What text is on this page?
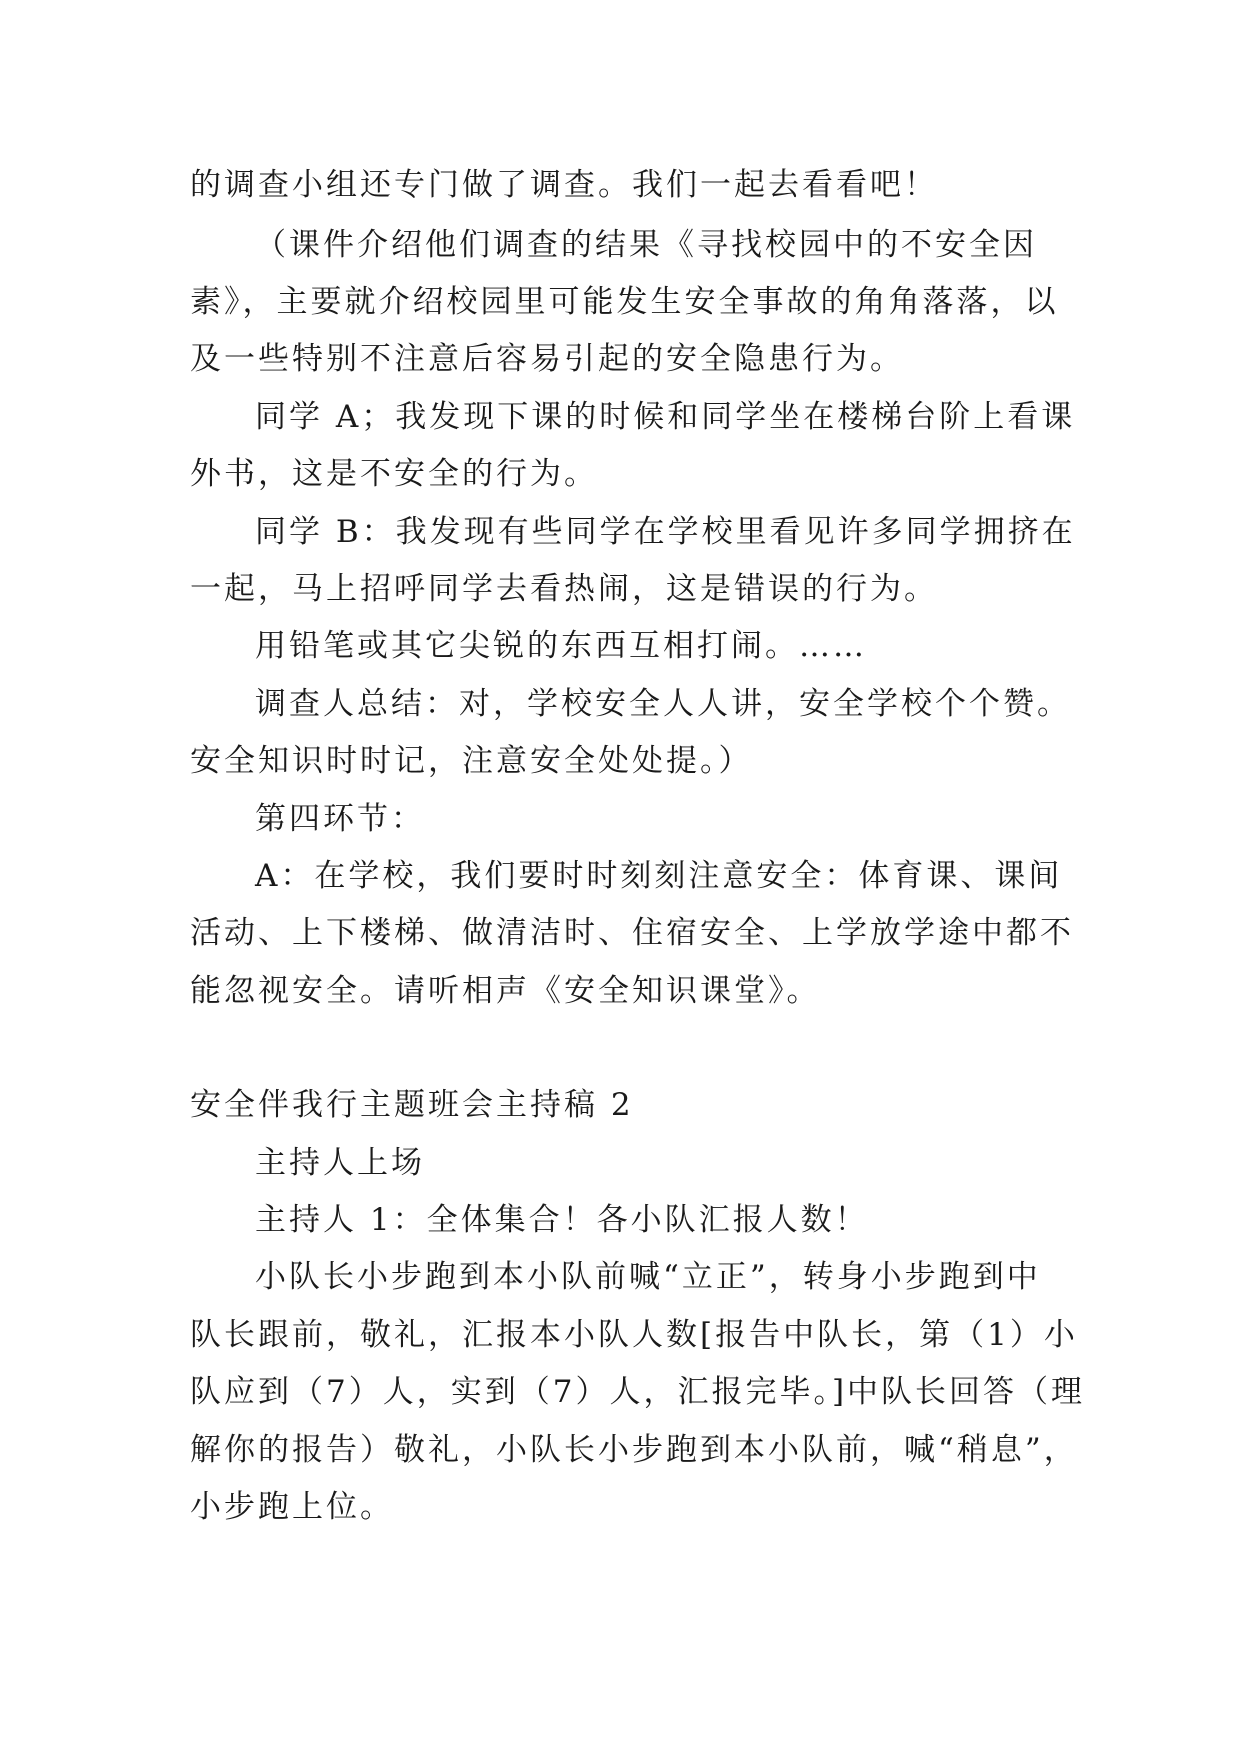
的调查小组还专门做了调查。我们一起去看看吧！
（课件介绍他们调查的结果《寻找校园中的不安全因
素》，主要就介绍校园里可能发生安全事故的角角落落，以
及一些特别不注意后容易引起的安全隐患行为。
同学 A；我发现下课的时候和同学坐在楼梯台阶上看课
外书，这是不安全的行为。
同学 B：我发现有些同学在学校里看见许多同学拥挤在
一起，马上招呼同学去看热闹，这是错误的行为。
用铅笔或其它尖锐的东西互相打闹。……
调查人总结：对，学校安全人人讲，安全学校个个赞。
安全知识时时记，注意安全处处提。）
第四环节：
A：在学校，我们要时时刻刻注意安全：体育课、课间
活动、上下楼梯、做清洁时、住宿安全、上学放学途中都不
能忽视安全。请听相声《安全知识课堂》。
安全伴我行主题班会主持稿 2
主持人上场
主持人 1：全体集合！各小队汇报人数！
小队长小步跑到本小队前喊“立正”，转身小步跑到中
队长跟前，敬礼，汇报本小队人数[报告中队长，第（1）小
队应到（7）人，实到（7）人，汇报完毕。]中队长回答（理
解你的报告）敬礼，小队长小步跑到本小队前，喊“稍息”，
小步跑上位。
